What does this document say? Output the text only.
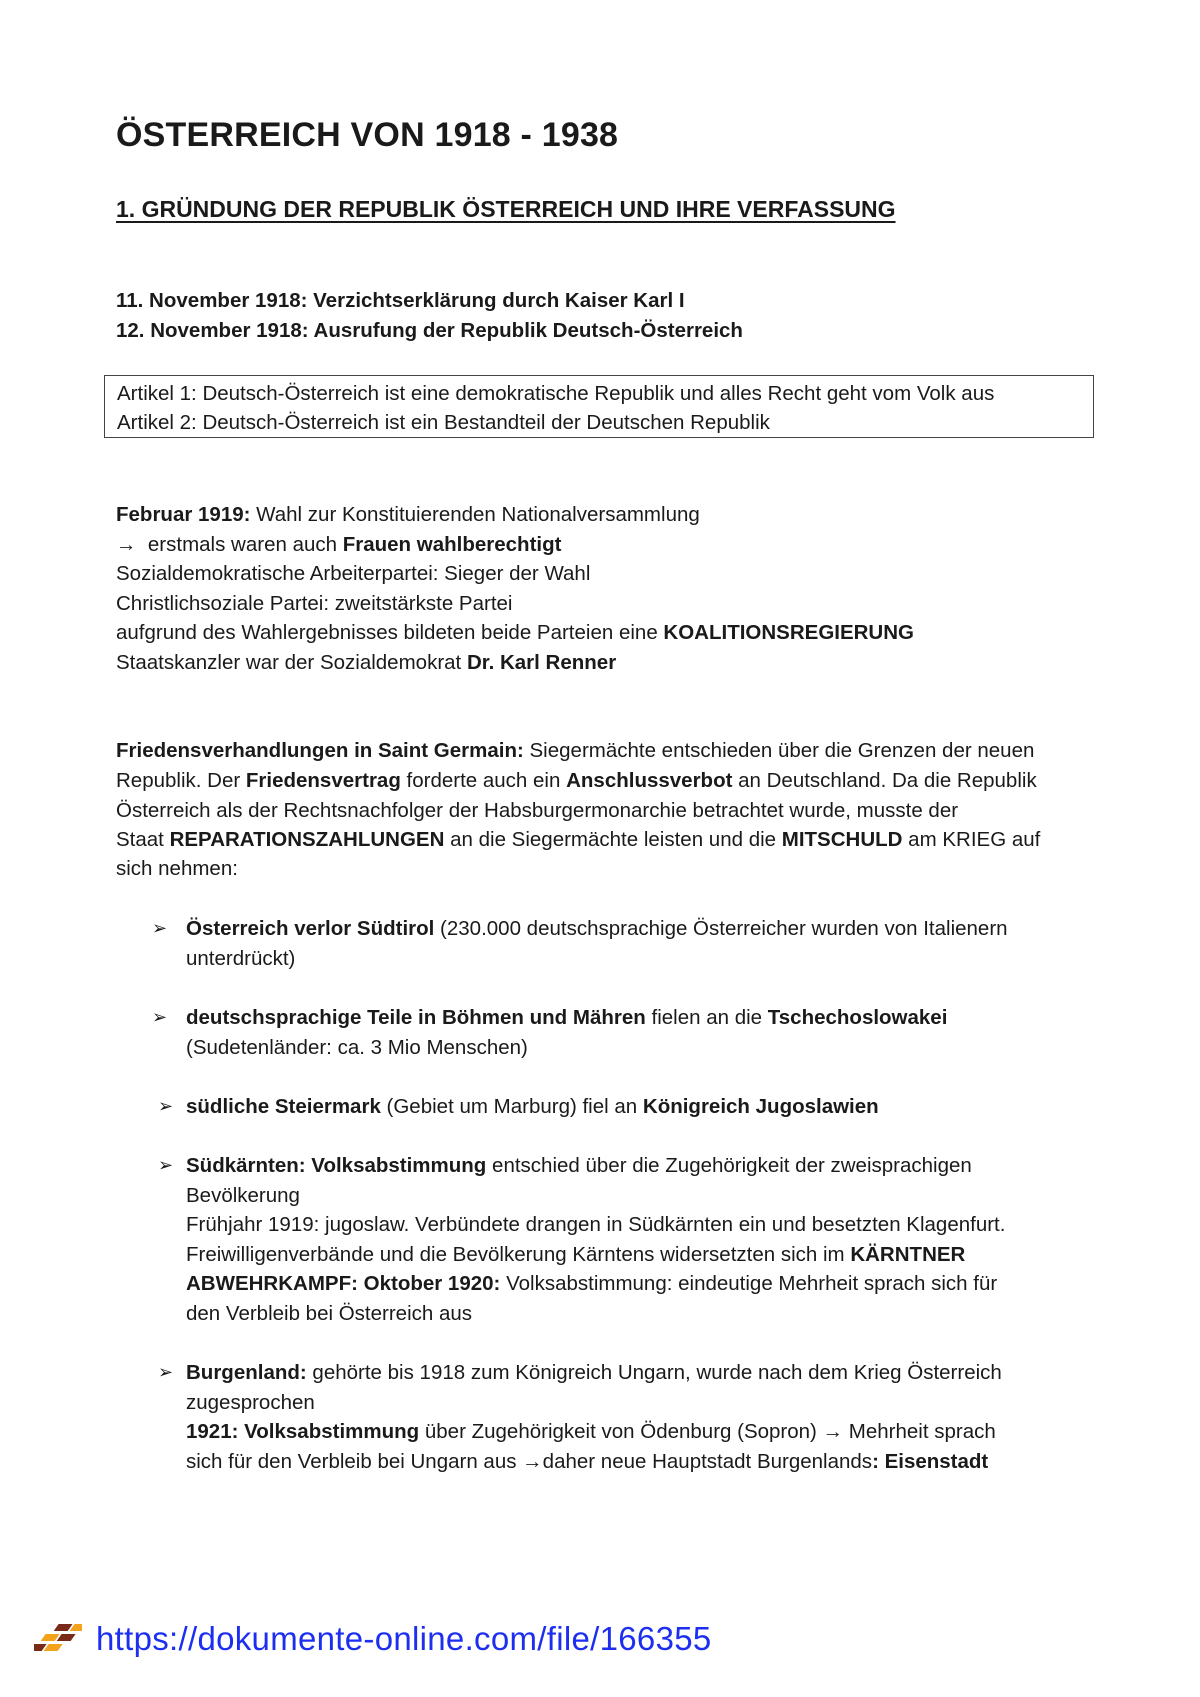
ÖSTERREICH VON 1918 - 1938
1. GRÜNDUNG DER REPUBLIK ÖSTERREICH UND IHRE VERFASSUNG
11. November 1918: Verzichtserklärung durch Kaiser Karl I
12. November 1918: Ausrufung der Republik Deutsch-Österreich
Artikel 1: Deutsch-Österreich ist eine demokratische Republik und alles Recht geht vom Volk aus
Artikel 2: Deutsch-Österreich ist ein Bestandteil der Deutschen Republik
Februar 1919: Wahl zur Konstituierenden Nationalversammlung
→  erstmals waren auch Frauen wahlberechtigt
Sozialdemokratische Arbeiterpartei: Sieger der Wahl
Christlichsoziale Partei: zweitstärkste Partei
aufgrund des Wahlergebnisses bildeten beide Parteien eine KOALITIONSREGIERUNG
Staatskanzler war der Sozialdemokrat Dr. Karl Renner
Friedensverhandlungen in Saint Germain: Siegermächte entschieden über die Grenzen der neuen
Republik. Der Friedensvertrag forderte auch ein Anschlussverbot an Deutschland. Da die Republik
Österreich als der Rechtsnachfolger der Habsburgermonarchie betrachtet wurde, musste der
Staat REPARATIONSZAHLUNGEN an die Siegermächte leisten und die MITSCHULD am KRIEG auf
sich nehmen:
➢ Österreich verlor Südtirol (230.000 deutschsprachige Österreicher wurden von Italienern
unterdrückt)
➢ deutschsprachige Teile in Böhmen und Mähren fielen an die Tschechoslowakei
(Sudetenländer: ca. 3 Mio Menschen)
➢ südliche Steiermark (Gebiet um Marburg) fiel an Königreich Jugoslawien
➢ Südkärnten: Volksabstimmung entschied über die Zugehörigkeit der zweisprachigen
Bevölkerung
Frühjahr 1919: jugoslaw. Verbündete drangen in Südkärnten ein und besetzten Klagenfurt.
Freiwilligenverbände und die Bevölkerung Kärntens widersetzten sich im KÄRNTNER
ABWEHRKAMPF: Oktober 1920: Volksabstimmung: eindeutige Mehrheit sprach sich für
den Verbleib bei Österreich aus
➢ Burgenland: gehörte bis 1918 zum Königreich Ungarn, wurde nach dem Krieg Österreich
zugesprochen
1921: Volksabstimmung über Zugehörigkeit von Ödenburg (Sopron) → Mehrheit sprach
sich für den Verbleib bei Ungarn aus →daher neue Hauptstadt Burgenlands: Eisenstadt
https://dokumente-online.com/file/166355
